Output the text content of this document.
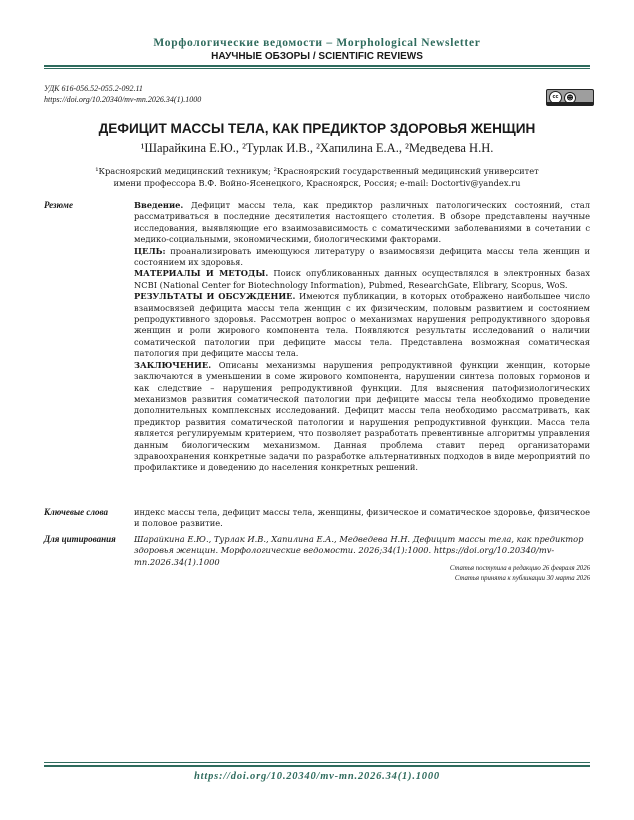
Морфологические ведомости – Morphological Newsletter
НАУЧНЫЕ ОБЗОРЫ / SCIENTIFIC REVIEWS
УДК 616-056.52-055.2-092.11
https://doi.org/10.20340/mv-mn.2026.34(1).1000	cc	☻
ДЕФИЦИТ МАССЫ ТЕЛА, КАК ПРЕДИКТОР ЗДОРОВЬЯ ЖЕНЩИН
¹Шарайкина Е.Ю., ²Турлак И.В., ²Хапилина Е.А., ²Медведева Н.Н.
¹Красноярский медицинский техникум; ²Красноярский государственный медицинский университет имени профессора В.Ф. Войно-Ясенецкого, Красноярск, Россия; e-mail: Doctortiv@yandex.ru
Резюме	Введение. Дефицит массы тела, как предиктор различных патологических состояний, стал рассматриваться в последние десятилетия настоящего столетия. В обзоре представлены научные исследования, выявляющие его взаимозависимость с соматическими заболеваниями в сочетании с медико-социальными, экономическими, биологическими факторами.

ЦЕЛЬ: проанализировать имеющуюся литературу о взаимосвязи дефицита массы тела женщин и состоянием их здоровья.

МАТЕРИАЛЫ И МЕТОДЫ. Поиск опубликованных данных осуществлялся в электронных базах NCBI (National Center for Biotechnology Information), Pubmed, ResearchGate, Elibrary, Scopus, WoS.

РЕЗУЛЬТАТЫ И ОБСУЖДЕНИЕ. Имеются публикации, в которых отображено наибольшее число взаимосвязей дефицита массы тела женщин с их физическим, половым развитием и состоянием репродуктивного здоровья. Рассмотрен вопрос о механизмах нарушения репродуктивного здоровья женщин и роли жирового компонента тела. Появляются результаты исследований о наличии соматической патологии при дефиците массы тела. Представлена возможная соматическая патология при дефиците массы тела.

ЗАКЛЮЧЕНИЕ. Описаны механизмы нарушения репродуктивной функции женщин, которые заключаются в уменьшении в соме жирового компонента, нарушении синтеза половых гормонов и как следствие – нарушения репродуктивной функции. Для выяснения патофизиологических механизмов развития соматической патологии при дефиците массы тела необходимо проведение дополнительных комплексных исследований. Дефицит массы тела необходимо рассматривать, как предиктор развития соматической патологии и нарушения репродуктивной функции. Масса тела является регулируемым критерием, что позволяет разработать превентивные алгоритмы управления данным биологическим механизмом. Данная проблема ставит перед организаторами здравоохранения конкретные задачи по разработке альтернативных подходов в виде мероприятий по профилактике и доведению до населения конкретных решений.

Ключевые слова	индекс массы тела, дефицит массы тела, женщины, физическое и соматическое здоровье, физическое и половое развитие.
Для цитирования Шарайкина Е.Ю., Турлак И.В., Хапилина Е.А., Медведева Н.Н. Дефицит массы тела, как предиктор здоровья женщин. Морфологические ведомости. 2026;34(1):1000. https://doi.org/10.20340/mv-mn.2026.34(1).1000
Статья поступила в редакцию 26 февраля 2026
Статья принята к публикации 30 марта 2026
https://doi.org/10.20340/mv-mn.2026.34(1).1000
